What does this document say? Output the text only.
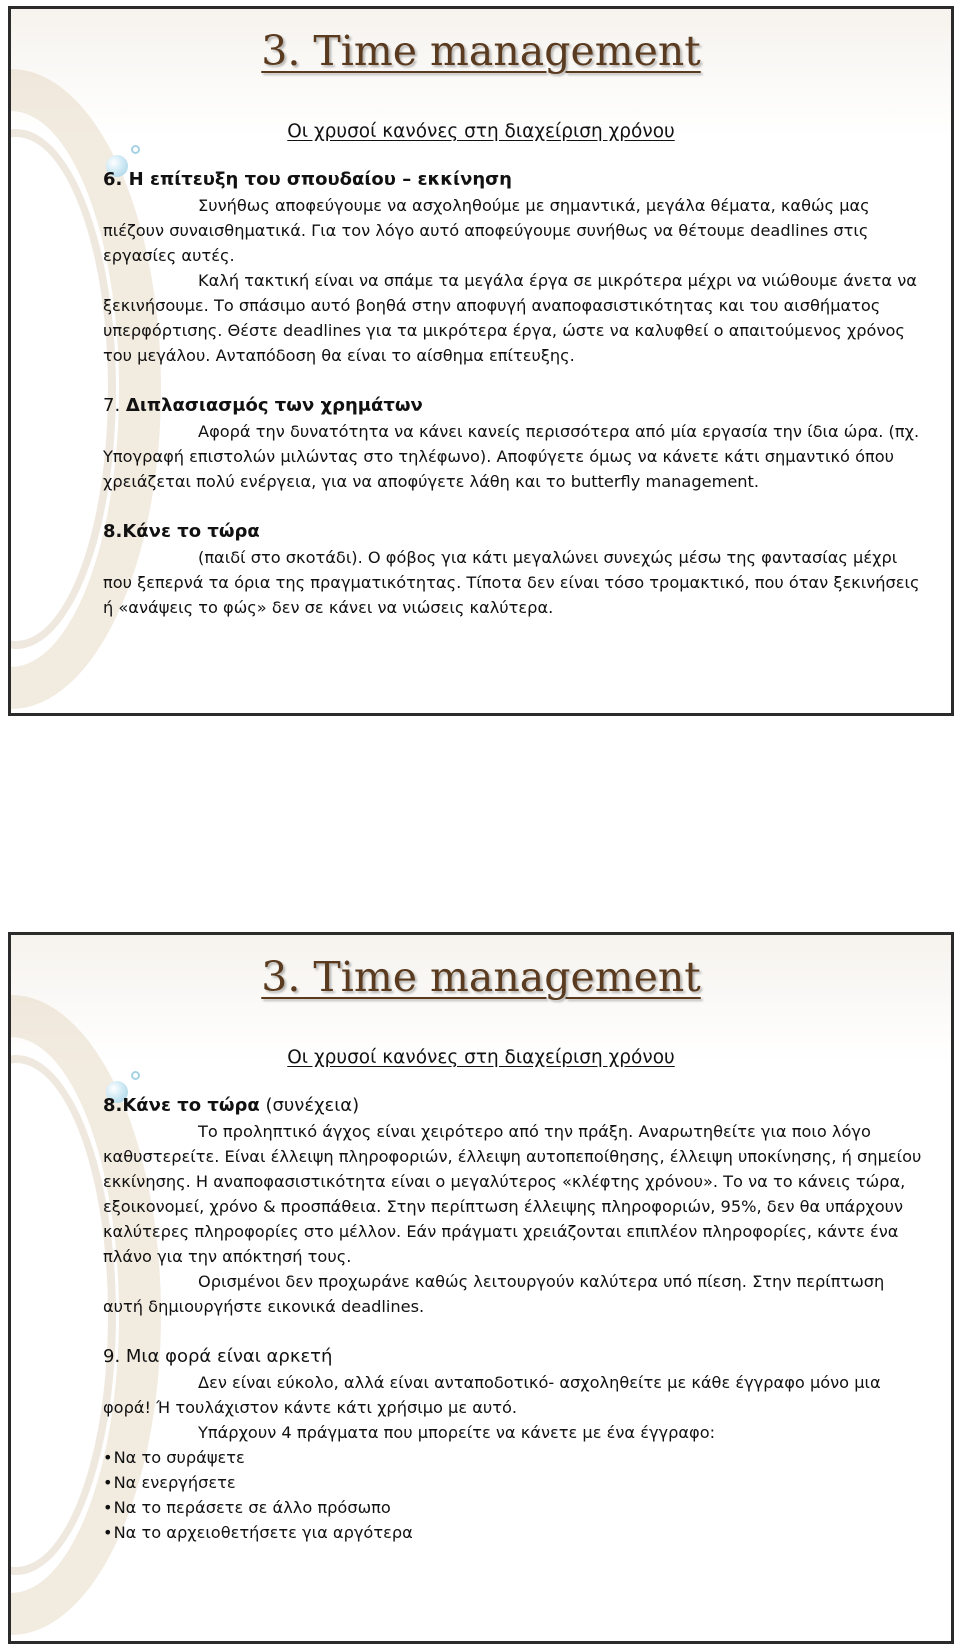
3. Time management
Οι χρυσοί κανόνες στη διαχείριση χρόνου

6. Η επίτευξη του σπουδαίου – εκκίνηση

Συνήθως αποφεύγουμε να ασχοληθούμε με σημαντικά, μεγάλα θέματα, καθώς μας πιέζουν συναισθηματικά. Για τον λόγο αυτό αποφεύγουμε συνήθως να θέτουμε deadlines στις εργασίες αυτές.

Καλή τακτική είναι να σπάμε τα μεγάλα έργα σε μικρότερα μέχρι να νιώθουμε άνετα να ξεκινήσουμε. Το σπάσιμο αυτό βοηθά στην αποφυγή αναποφασιστικότητας και του αισθήματος υπερφόρτισης. Θέστε deadlines για τα μικρότερα έργα, ώστε να καλυφθεί ο απαιτούμενος χρόνος του μεγάλου. Ανταπόδοση θα είναι το αίσθημα επίτευξης.

7. Διπλασιασμός των χρημάτων

Αφορά την δυνατότητα να κάνει κανείς περισσότερα από μία εργασία την ίδια ώρα. (πχ. Υπογραφή επιστολών μιλώντας στο τηλέφωνο). Αποφύγετε όμως να κάνετε κάτι σημαντικό όπου χρειάζεται πολύ ενέργεια, για να αποφύγετε λάθη και το butterfly management.

8.Κάνε το τώρα

(παιδί στο σκοτάδι). Ο φόβος για κάτι μεγαλώνει συνεχώς μέσω της φαντασίας μέχρι που ξεπερνά τα όρια της πραγματικότητας. Τίποτα δεν είναι τόσο τρομακτικό, που όταν ξεκινήσεις ή «ανάψεις το φώς» δεν σε κάνει να νιώσεις καλύτερα.

3. Time management
Οι χρυσοί κανόνες στη διαχείριση χρόνου

8.Κάνε το τώρα (συνέχεια)

Το προληπτικό άγχος είναι χειρότερο από την πράξη. Αναρωτηθείτε για ποιο λόγο καθυστερείτε. Είναι έλλειψη πληροφοριών, έλλειψη αυτοπεποίθησης, έλλειψη υποκίνησης, ή σημείου εκκίνησης. Η αναποφασιστικότητα είναι ο μεγαλύτερος «κλέφτης χρόνου». Το να το κάνεις τώρα, εξοικονομεί, χρόνο & προσπάθεια. Στην περίπτωση έλλειψης πληροφοριών, 95%, δεν θα υπάρχουν καλύτερες πληροφορίες στο μέλλον. Εάν πράγματι χρειάζονται επιπλέον πληροφορίες, κάντε ένα πλάνο για την απόκτησή τους.

Ορισμένοι δεν προχωράνε καθώς λειτουργούν καλύτερα υπό πίεση. Στην περίπτωση αυτή δημιουργήστε εικονικά deadlines.

9. Μια φορά είναι αρκετή

Δεν είναι εύκολο, αλλά είναι ανταποδοτικό- ασχοληθείτε με κάθε έγγραφο μόνο μια φορά! Ή τουλάχιστον κάντε κάτι χρήσιμο με αυτό.

Υπάρχουν 4 πράγματα που μπορείτε να κάνετε με ένα έγγραφο:

• Να το συράψετε

• Να ενεργήσετε

• Να το περάσετε σε άλλο πρόσωπο

• Να το αρχειοθετήσετε για αργότερα
